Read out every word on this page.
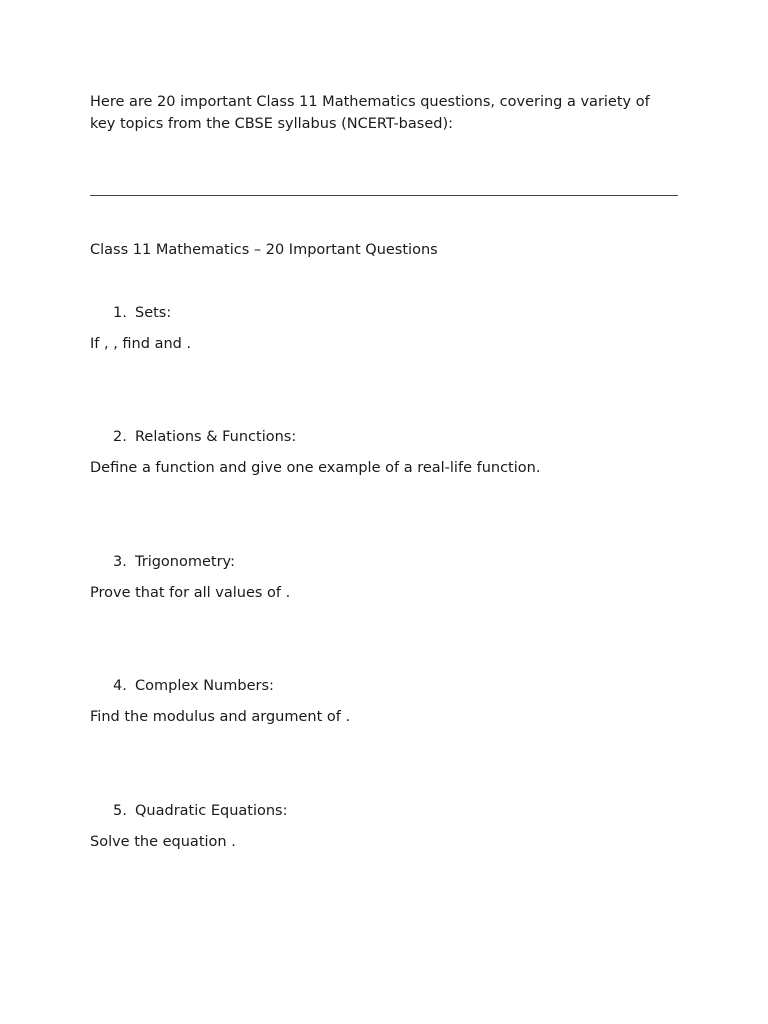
Here are 20 important Class 11 Mathematics questions, covering a variety of key topics from the CBSE syllabus (NCERT-based):

Class 11 Mathematics – 20 Important Questions

1. Sets:

If , , find and .

2. Relations & Functions:

Define a function and give one example of a real-life function.

3. Trigonometry:

Prove that for all values of .

4. Complex Numbers:

Find the modulus and argument of .

5. Quadratic Equations:

Solve the equation .
